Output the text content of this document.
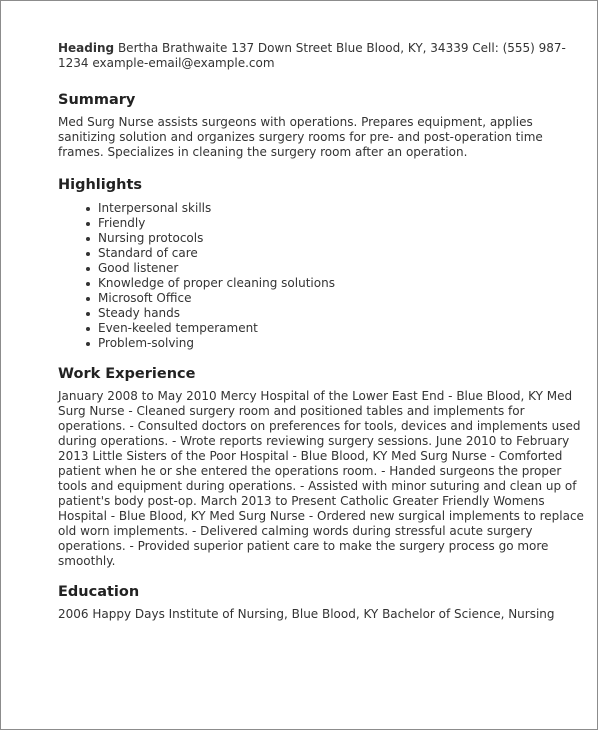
Heading Bertha Brathwaite 137 Down Street Blue Blood, KY, 34339 Cell: (555) 987-1234 example-email@example.com

Summary

Med Surg Nurse assists surgeons with operations. Prepares equipment, applies sanitizing solution and organizes surgery rooms for pre- and post-operation time frames. Specializes in cleaning the surgery room after an operation.

Highlights
Interpersonal skills
Friendly
Nursing protocols
Standard of care
Good listener
Knowledge of proper cleaning solutions
Microsoft Office
Steady hands
Even-keeled temperament
Problem-solving
Work Experience

January 2008 to May 2010 Mercy Hospital of the Lower East End - Blue Blood, KY Med Surg Nurse - Cleaned surgery room and positioned tables and implements for operations. - Consulted doctors on preferences for tools, devices and implements used during operations. - Wrote reports reviewing surgery sessions. June 2010 to February 2013 Little Sisters of the Poor Hospital - Blue Blood, KY Med Surg Nurse - Comforted patient when he or she entered the operations room. - Handed surgeons the proper tools and equipment during operations. - Assisted with minor suturing and clean up of patient's body post-op. March 2013 to Present Catholic Greater Friendly Womens Hospital - Blue Blood, KY Med Surg Nurse - Ordered new surgical implements to replace old worn implements. - Delivered calming words during stressful acute surgery operations. - Provided superior patient care to make the surgery process go more smoothly.

Education

2006 Happy Days Institute of Nursing, Blue Blood, KY Bachelor of Science, Nursing
